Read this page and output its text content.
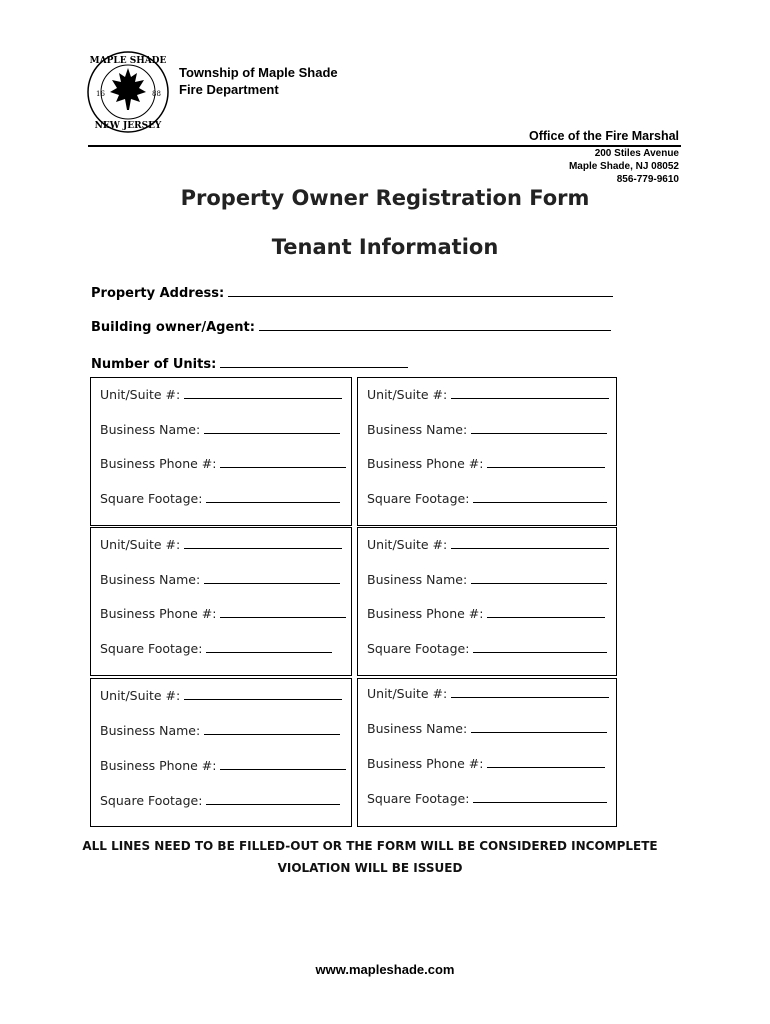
MAPLE SHADE
NEW JERSEY
16	88
Township of Maple Shade
Fire Department
Office of the Fire Marshal
200 Stiles Avenue
Maple Shade, NJ 08052
856-779-9610
Property Owner Registration Form
Tenant Information
Property Address:
Building owner/Agent:
Number of Units:
Unit/Suite #:
Business Name:
Business Phone #:
Square Footage:
Unit/Suite #:
Business Name:
Business Phone #:
Square Footage:
Unit/Suite #:
Business Name:
Business Phone #:
Square Footage:
Unit/Suite #:
Business Name:
Business Phone #:
Square Footage:
Unit/Suite #:
Business Name:
Business Phone #:
Square Footage:
Unit/Suite #:
Business Name:
Business Phone #:
Square Footage:
ALL LINES NEED TO BE FILLED-OUT OR THE FORM WILL BE CONSIDERED INCOMPLETE
VIOLATION WILL BE ISSUED
www.mapleshade.com
